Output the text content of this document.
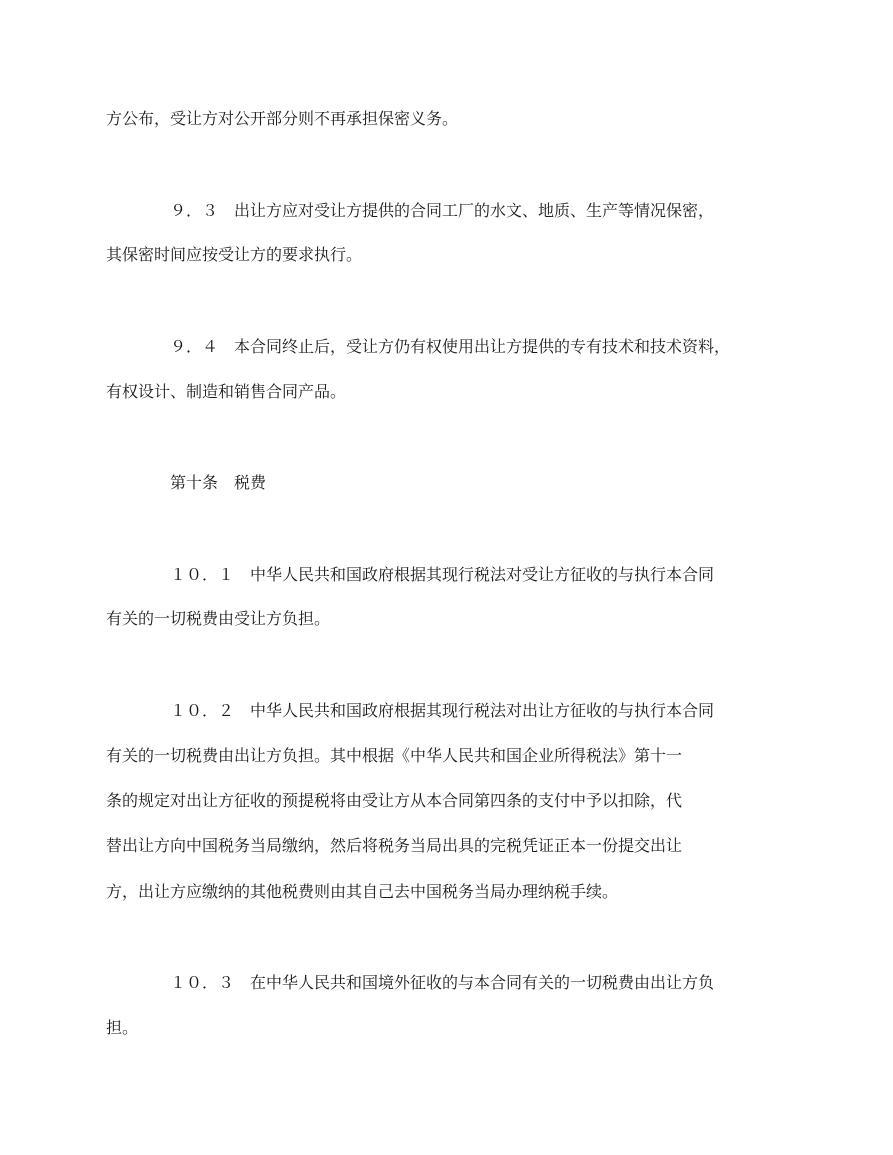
方公布，受让方对公开部分则不再承担保密义务。
９．３　出让方应对受让方提供的合同工厂的水文、地质、生产等情况保密，
其保密时间应按受让方的要求执行。
９．４　本合同终止后，受让方仍有权使用出让方提供的专有技术和技术资料，
有权设计、制造和销售合同产品。
第十条　税费
１０．１　中华人民共和国政府根据其现行税法对受让方征收的与执行本合同
有关的一切税费由受让方负担。
１０．２　中华人民共和国政府根据其现行税法对出让方征收的与执行本合同
有关的一切税费由出让方负担。其中根据《中华人民共和国企业所得税法》第十一
条的规定对出让方征收的预提税将由受让方从本合同第四条的支付中予以扣除，代
替出让方向中国税务当局缴纳，然后将税务当局出具的完税凭证正本一份提交出让
方，出让方应缴纳的其他税费则由其自己去中国税务当局办理纳税手续。
１０．３　在中华人民共和国境外征收的与本合同有关的一切税费由出让方负
担。
